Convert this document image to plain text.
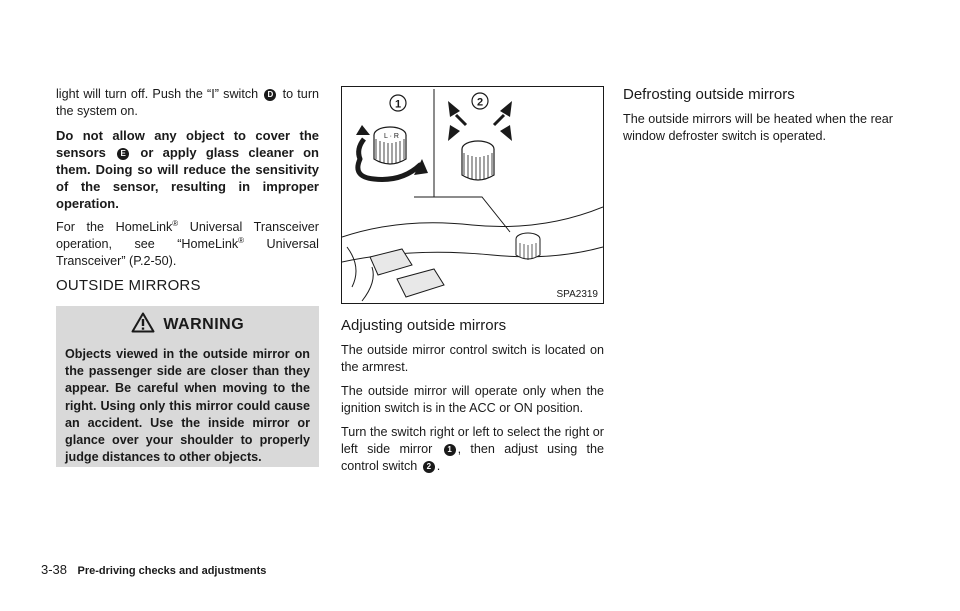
light will turn off. Push the “I” switch D to turn the system on.

Do not allow any object to cover the sensors E or apply glass cleaner on them. Doing so will reduce the sensitivity of the sensor, resulting in improper operation.

For the HomeLink® Universal Transceiver operation, see “HomeLink® Universal Transceiver” (P.2-50).

OUTSIDE MIRRORS
WARNING
Objects viewed in the outside mirror on the passenger side are closer than they appear. Be careful when moving to the right. Using only this mirror could cause an accident. Use the inside mirror or glance over your shoulder to properly judge distances to other objects.
L · R
1	2
SPA2319
Adjusting outside mirrors

The outside mirror control switch is located on the armrest.

The outside mirror will operate only when the ignition switch is in the ACC or ON position.

Turn the switch right or left to select the right or left side mirror 1 , then adjust using the control switch 2 .

Defrosting outside mirrors

The outside mirrors will be heated when the rear window defroster switch is operated.

3-38 Pre-driving checks and adjustments
